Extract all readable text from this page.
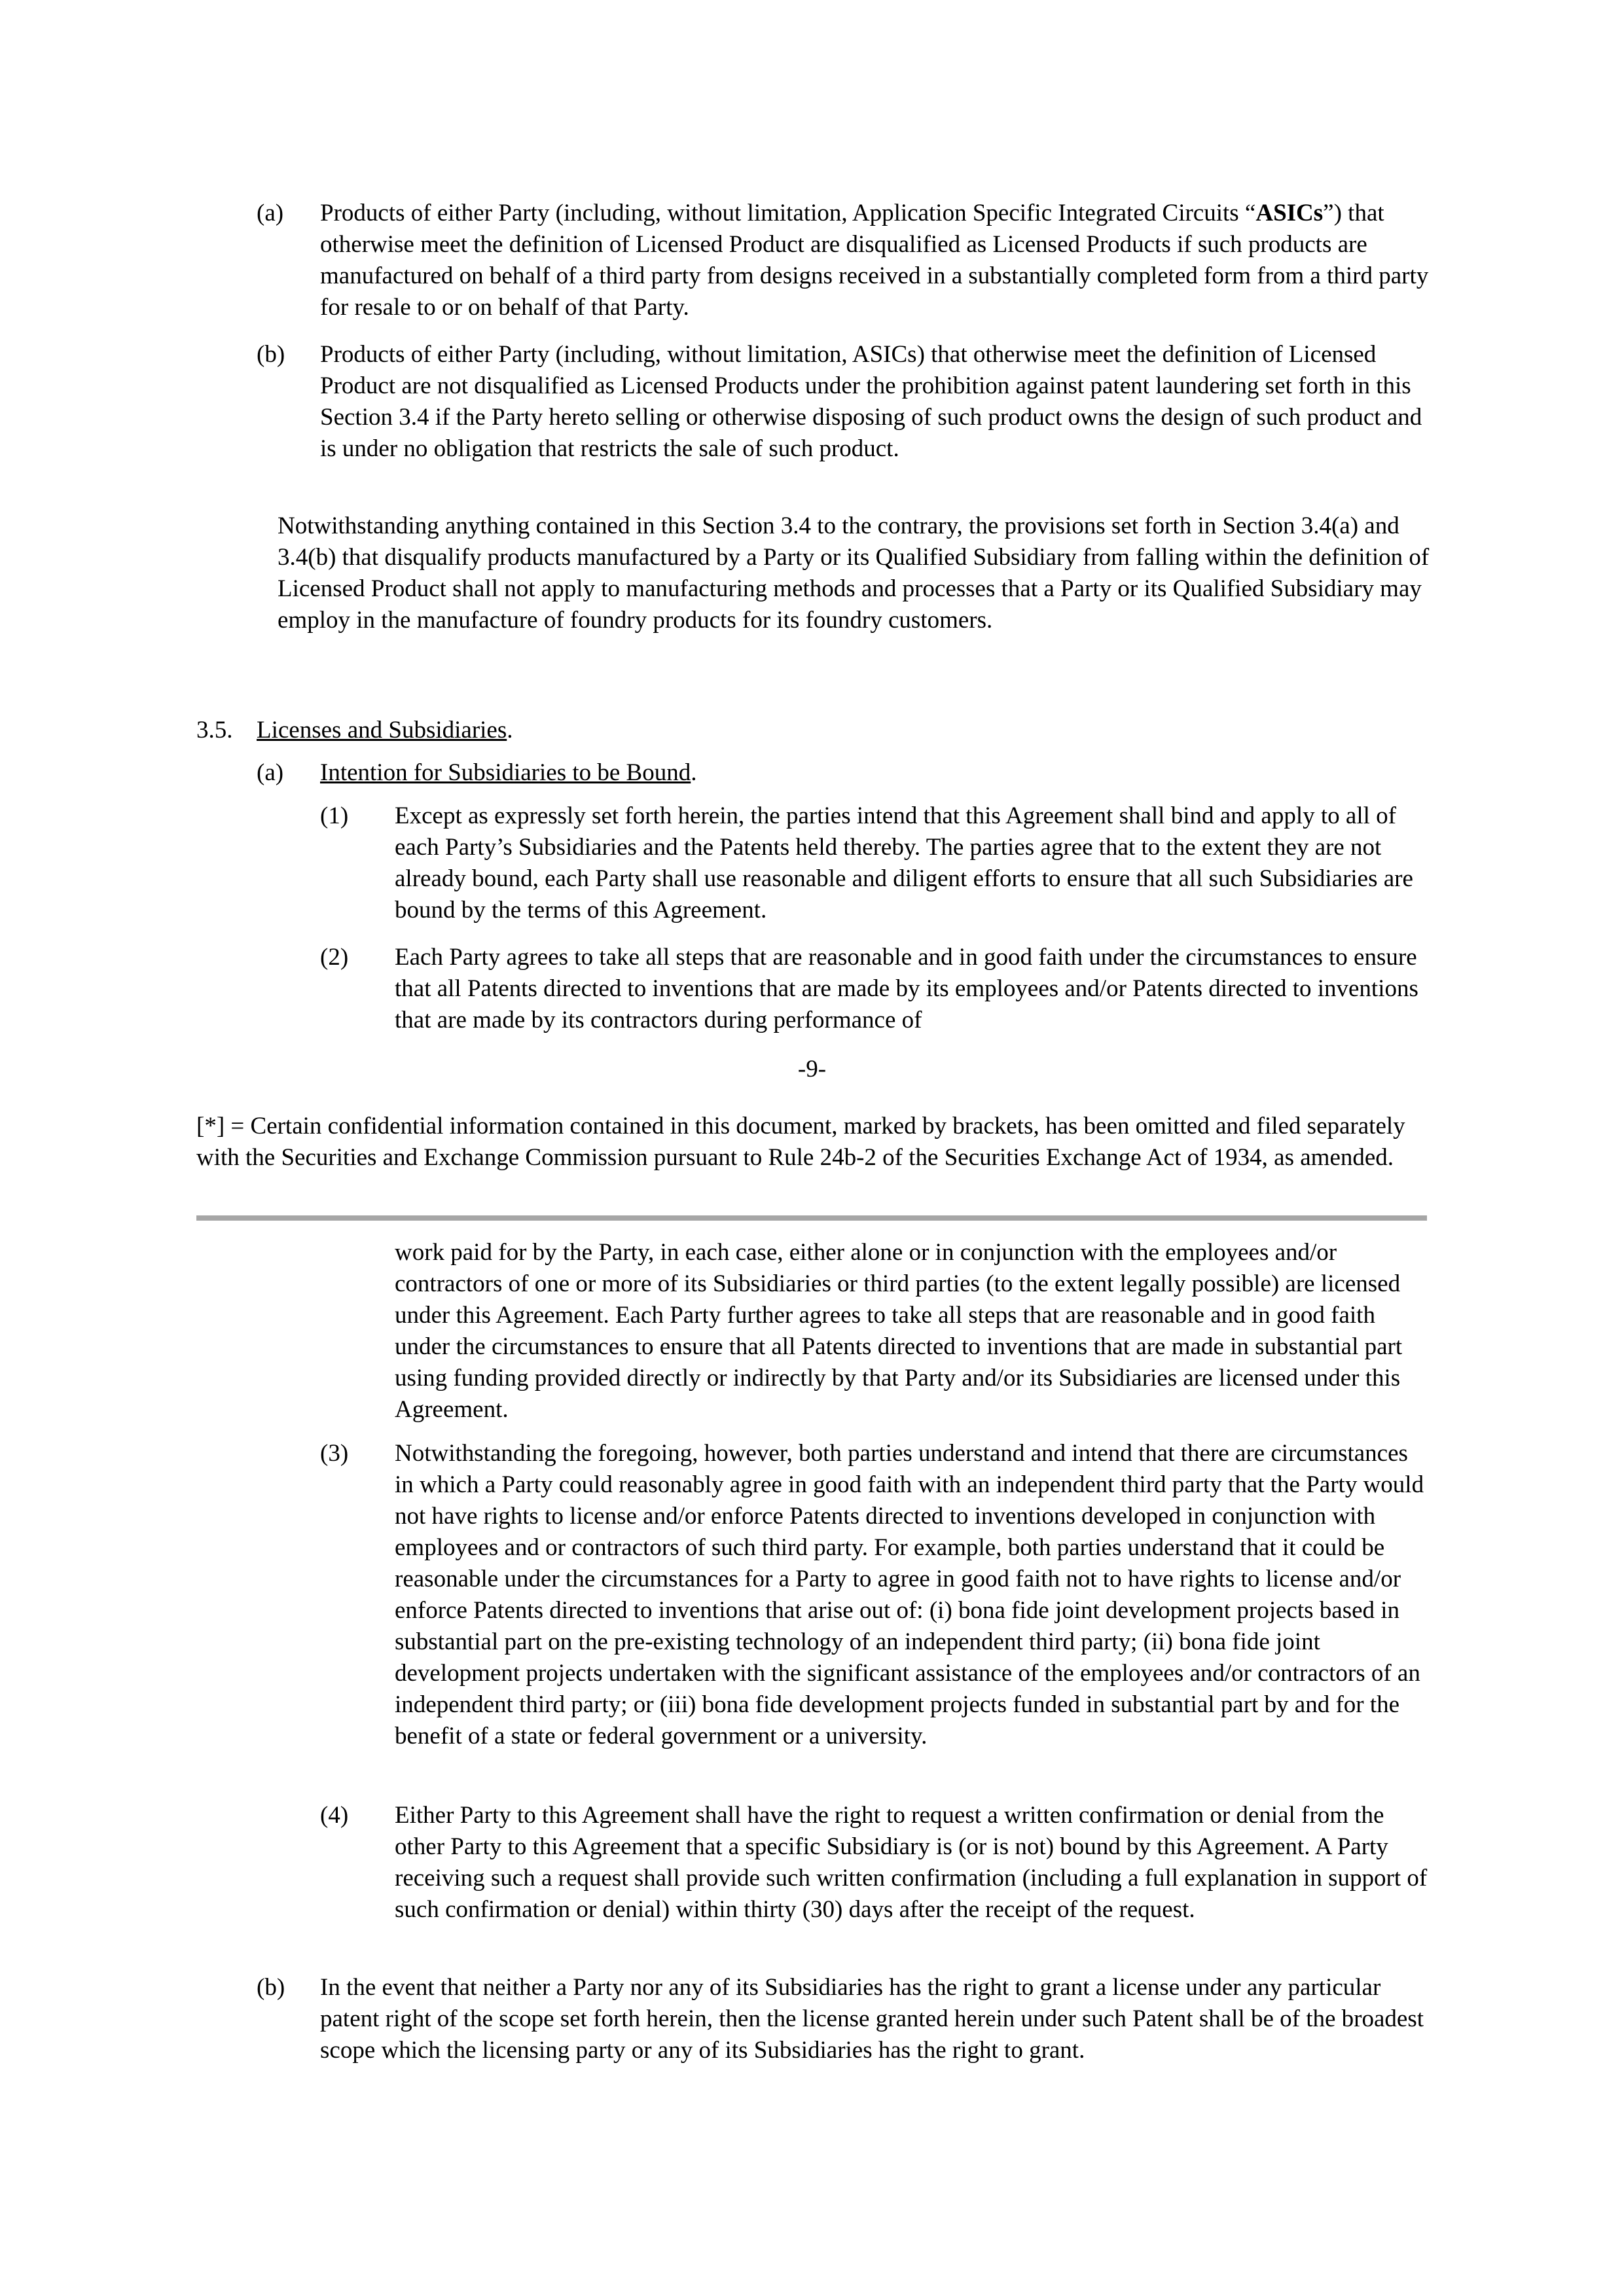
(a) Products of either Party (including, without limitation, Application Specific Integrated Circuits “ASICs”) that otherwise meet the definition of Licensed Product are disqualified as Licensed Products if such products are manufactured on behalf of a third party from designs received in a substantially completed form from a third party for resale to or on behalf of that Party.
(b) Products of either Party (including, without limitation, ASICs) that otherwise meet the definition of Licensed Product are not disqualified as Licensed Products under the prohibition against patent laundering set forth in this Section 3.4 if the Party hereto selling or otherwise disposing of such product owns the design of such product and is under no obligation that restricts the sale of such product.
Notwithstanding anything contained in this Section 3.4 to the contrary, the provisions set forth in Section 3.4(a) and 3.4(b) that disqualify products manufactured by a Party or its Qualified Subsidiary from falling within the definition of Licensed Product shall not apply to manufacturing methods and processes that a Party or its Qualified Subsidiary may employ in the manufacture of foundry products for its foundry customers.
3.5. Licenses and Subsidiaries.
(a) Intention for Subsidiaries to be Bound.
(1) Except as expressly set forth herein, the parties intend that this Agreement shall bind and apply to all of each Party’s Subsidiaries and the Patents held thereby. The parties agree that to the extent they are not already bound, each Party shall use reasonable and diligent efforts to ensure that all such Subsidiaries are bound by the terms of this Agreement.
(2) Each Party agrees to take all steps that are reasonable and in good faith under the circumstances to ensure that all Patents directed to inventions that are made by its employees and/or Patents directed to inventions that are made by its contractors during performance of
-9-
[*] = Certain confidential information contained in this document, marked by brackets, has been omitted and filed separately with the Securities and Exchange Commission pursuant to Rule 24b-2 of the Securities Exchange Act of 1934, as amended.
work paid for by the Party, in each case, either alone or in conjunction with the employees and/or contractors of one or more of its Subsidiaries or third parties (to the extent legally possible) are licensed under this Agreement. Each Party further agrees to take all steps that are reasonable and in good faith under the circumstances to ensure that all Patents directed to inventions that are made in substantial part using funding provided directly or indirectly by that Party and/or its Subsidiaries are licensed under this Agreement.
(3) Notwithstanding the foregoing, however, both parties understand and intend that there are circumstances in which a Party could reasonably agree in good faith with an independent third party that the Party would not have rights to license and/or enforce Patents directed to inventions developed in conjunction with employees and or contractors of such third party. For example, both parties understand that it could be reasonable under the circumstances for a Party to agree in good faith not to have rights to license and/or enforce Patents directed to inventions that arise out of: (i) bona fide joint development projects based in substantial part on the pre-existing technology of an independent third party; (ii) bona fide joint development projects undertaken with the significant assistance of the employees and/or contractors of an independent third party; or (iii) bona fide development projects funded in substantial part by and for the benefit of a state or federal government or a university.
(4) Either Party to this Agreement shall have the right to request a written confirmation or denial from the other Party to this Agreement that a specific Subsidiary is (or is not) bound by this Agreement. A Party receiving such a request shall provide such written confirmation (including a full explanation in support of such confirmation or denial) within thirty (30) days after the receipt of the request.
(b) In the event that neither a Party nor any of its Subsidiaries has the right to grant a license under any particular patent right of the scope set forth herein, then the license granted herein under such Patent shall be of the broadest scope which the licensing party or any of its Subsidiaries has the right to grant.
